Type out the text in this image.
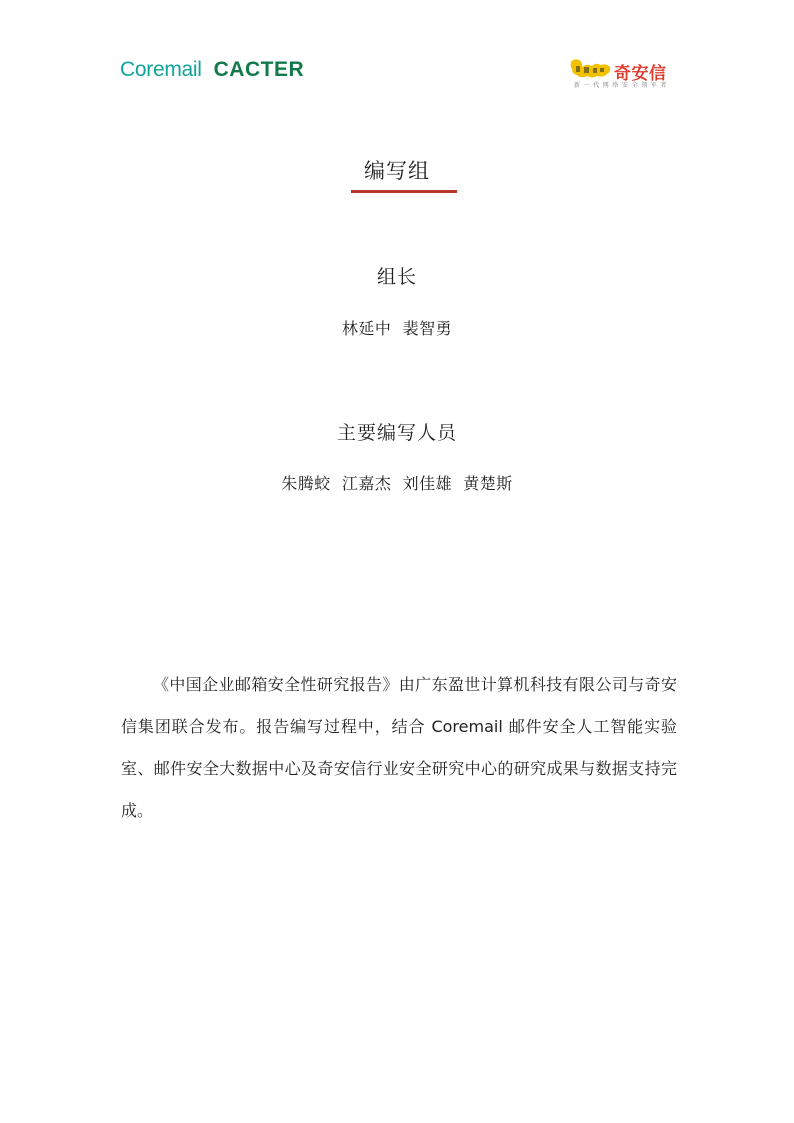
Coremail CACTER	奇安信
新一代网络安全领军者
编写组
组长
林延中  裴智勇
主要编写人员
朱腾蛟  江嘉杰  刘佳雄  黄楚斯

《中国企业邮箱安全性研究报告》由广东盈世计算机科技有限公司与奇安信集团联合发布。报告编写过程中，结合 Coremail 邮件安全人工智能实验室、邮件安全大数据中心及奇安信行业安全研究中心的研究成果与数据支持完成。
